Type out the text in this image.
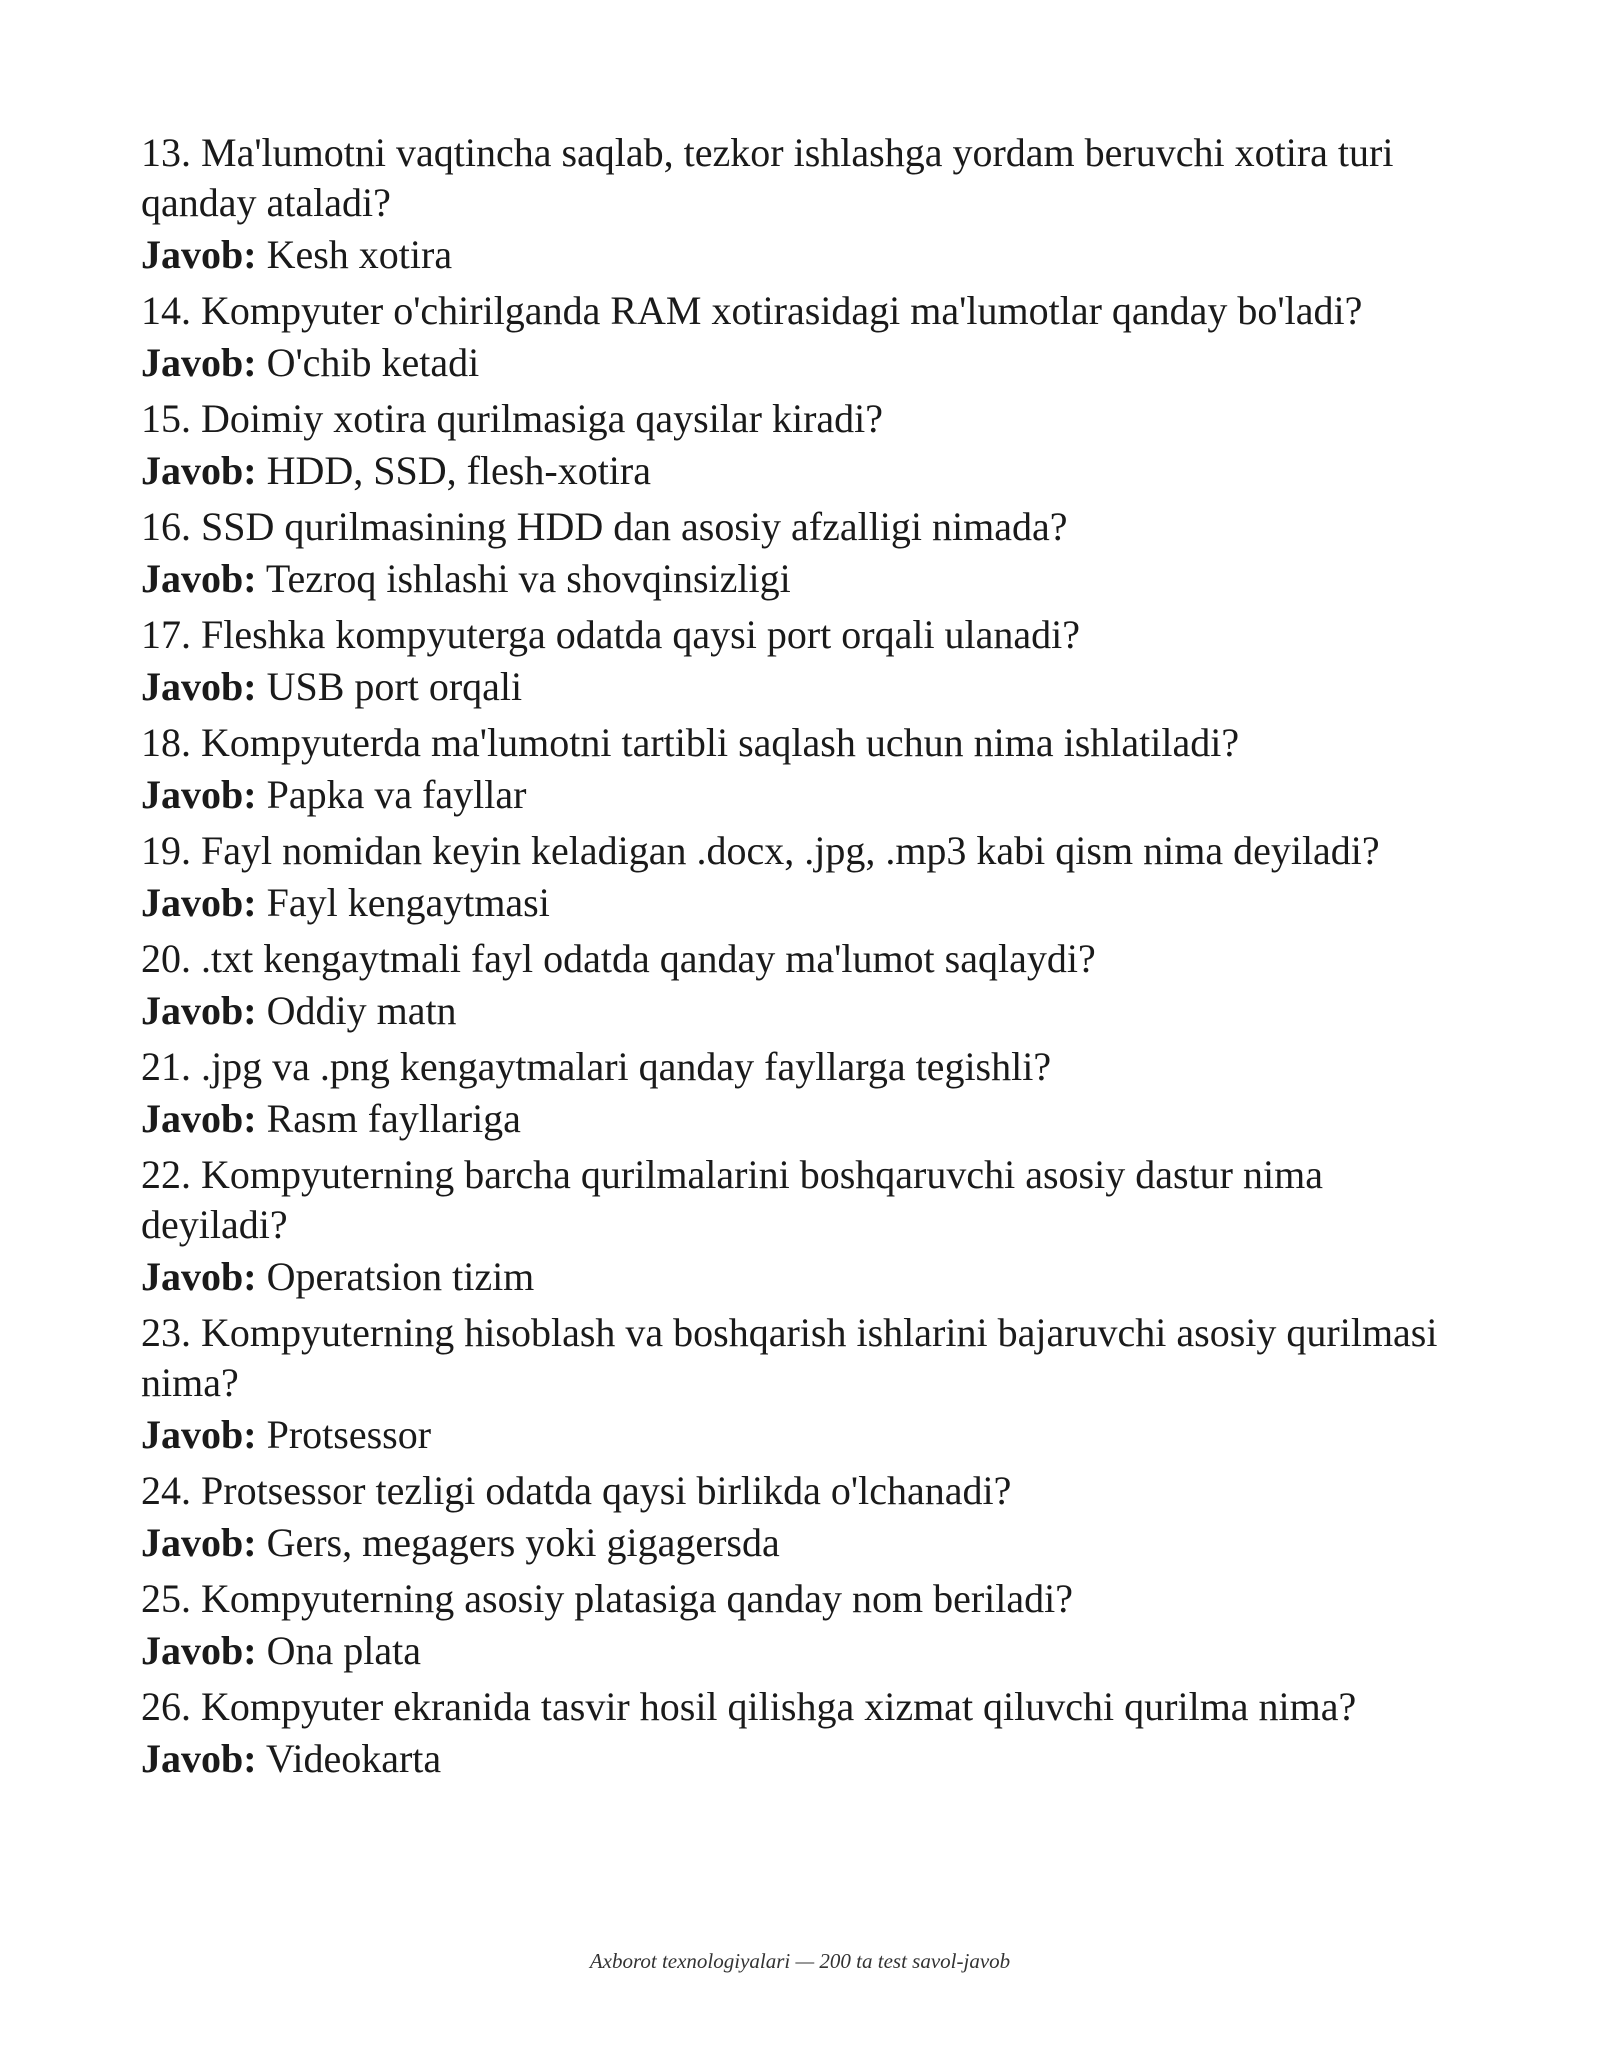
13. Ma'lumotni vaqtincha saqlab, tezkor ishlashga yordam beruvchi xotira turi qanday ataladi?

Javob: Kesh xotira

14. Kompyuter o'chirilganda RAM xotirasidagi ma'lumotlar qanday bo'ladi?

Javob: O'chib ketadi

15. Doimiy xotira qurilmasiga qaysilar kiradi?

Javob: HDD, SSD, flesh-xotira

16. SSD qurilmasining HDD dan asosiy afzalligi nimada?

Javob: Tezroq ishlashi va shovqinsizligi

17. Fleshka kompyuterga odatda qaysi port orqali ulanadi?

Javob: USB port orqali

18. Kompyuterda ma'lumotni tartibli saqlash uchun nima ishlatiladi?

Javob: Papka va fayllar

19. Fayl nomidan keyin keladigan .docx, .jpg, .mp3 kabi qism nima deyiladi?

Javob: Fayl kengaytmasi

20. .txt kengaytmali fayl odatda qanday ma'lumot saqlaydi?

Javob: Oddiy matn

21. .jpg va .png kengaytmalari qanday fayllarga tegishli?

Javob: Rasm fayllariga

22. Kompyuterning barcha qurilmalarini boshqaruvchi asosiy dastur nima deyiladi?

Javob: Operatsion tizim

23. Kompyuterning hisoblash va boshqarish ishlarini bajaruvchi asosiy qurilmasi nima?

Javob: Protsessor

24. Protsessor tezligi odatda qaysi birlikda o'lchanadi?

Javob: Gers, megagers yoki gigagersda

25. Kompyuterning asosiy platasiga qanday nom beriladi?

Javob: Ona plata

26. Kompyuter ekranida tasvir hosil qilishga xizmat qiluvchi qurilma nima?

Javob: Videokarta

Axborot texnologiyalari — 200 ta test savol-javob
